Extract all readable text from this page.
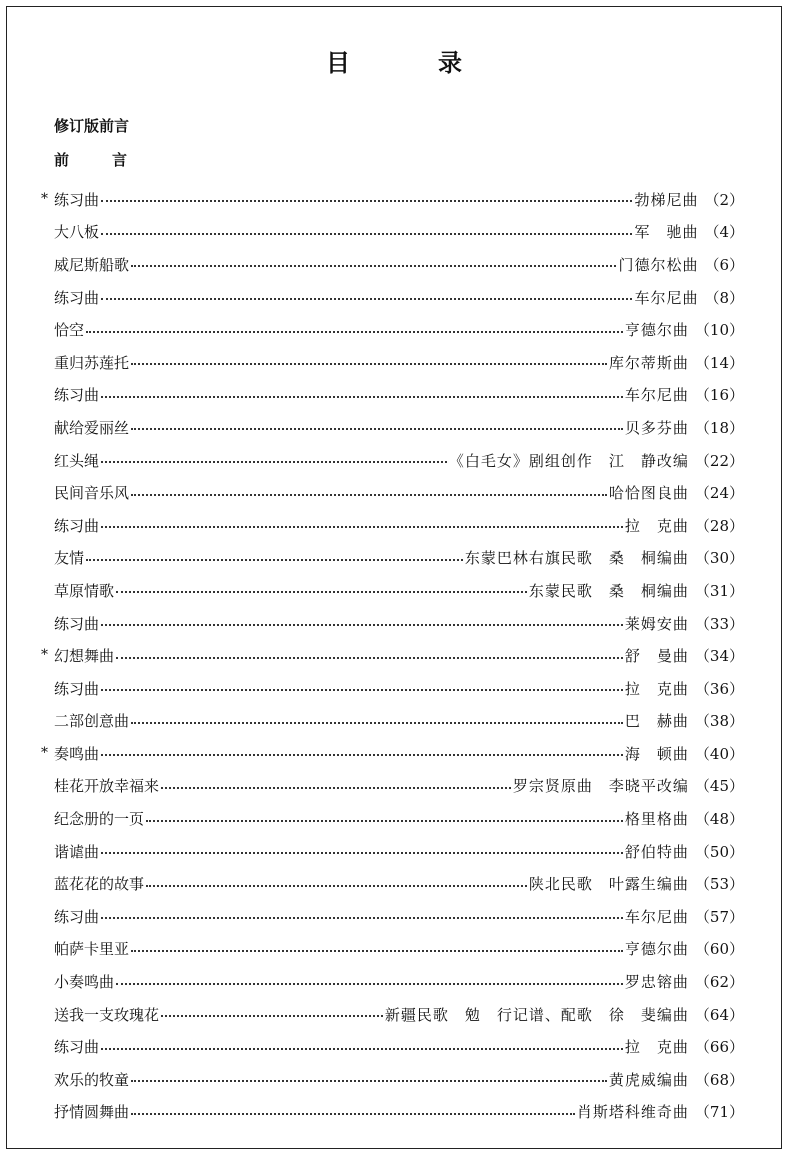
目　录
修订版前言
前　言
* 练习曲	勃梯尼曲 （2）
大八板	军　驰曲 （4）
威尼斯船歌	门德尔松曲 （6）
练习曲	车尔尼曲 （8）
恰空	亨德尔曲 （10）
重归苏莲托	库尔蒂斯曲 （14）
练习曲	车尔尼曲 （16）
献给爱丽丝	贝多芬曲 （18）
红头绳	《白毛女》剧组创作　江　静改编 （22）
民间音乐风	哈恰图良曲 （24）
练习曲	拉　克曲 （28）
友情	东蒙巴林右旗民歌　桑　桐编曲 （30）
草原情歌	东蒙民歌　桑　桐编曲 （31）
练习曲	莱姆安曲 （33）
* 幻想舞曲	舒　曼曲 （34）
练习曲	拉　克曲 （36）
二部创意曲	巴　赫曲 （38）
* 奏鸣曲	海　顿曲 （40）
桂花开放幸福来	罗宗贤原曲　李晓平改编 （45）
纪念册的一页	格里格曲 （48）
谐谑曲	舒伯特曲 （50）
蓝花花的故事	陕北民歌　叶露生编曲 （53）
练习曲	车尔尼曲 （57）
帕萨卡里亚	亨德尔曲 （60）
小奏鸣曲	罗忠镕曲 （62）
送我一支玫瑰花	新疆民歌　勉　行记谱、配歌　徐　斐编曲 （64）
练习曲	拉　克曲 （66）
欢乐的牧童	黄虎威编曲 （68）
抒情圆舞曲	肖斯塔科维奇曲 （71）
